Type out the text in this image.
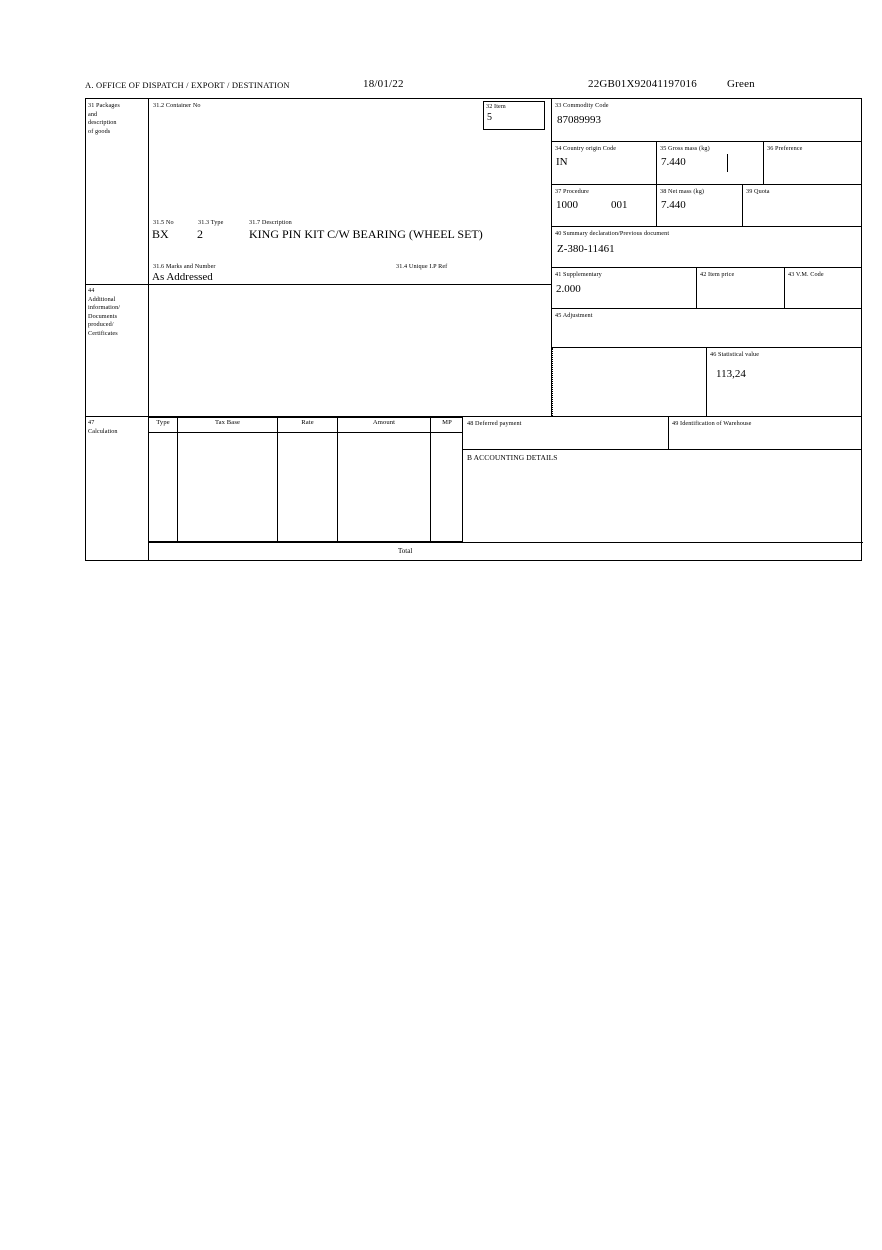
A. OFFICE OF DISPATCH / EXPORT / DESTINATION	18/01/22	22GB01X92041197016	Green
31 Packages
and
description
of goods
31.2 Container No	32 Item
5
31.5 No	31.3 Type	31.7 Description
BX 2	KING PIN KIT C/W BEARING (WHEEL SET)
31.6 Marks and Number	31.4 Unique I.P Ref
As Addressed
33 Commodity Code
87089993
34 Country origin Code
IN
35 Gross mass (kg)
7.440
36 Preference
37 Procedure
1000	001
38 Net mass (kg)
7.440
39 Quota
40 Summary declaration/Previous document
Z-380-11461
41 Supplementary
2.000
42 Item price	43 V.M. Code
45 Adjustment
46 Statistical value
113,24
44
Additional
information/
Documents
produced/
Certificates
47
Calculation
Type	Tax Base	Rate	Amount	MP	48 Deferred payment	49 Identification of Warehouse
B ACCOUNTING DETAILS
Total
